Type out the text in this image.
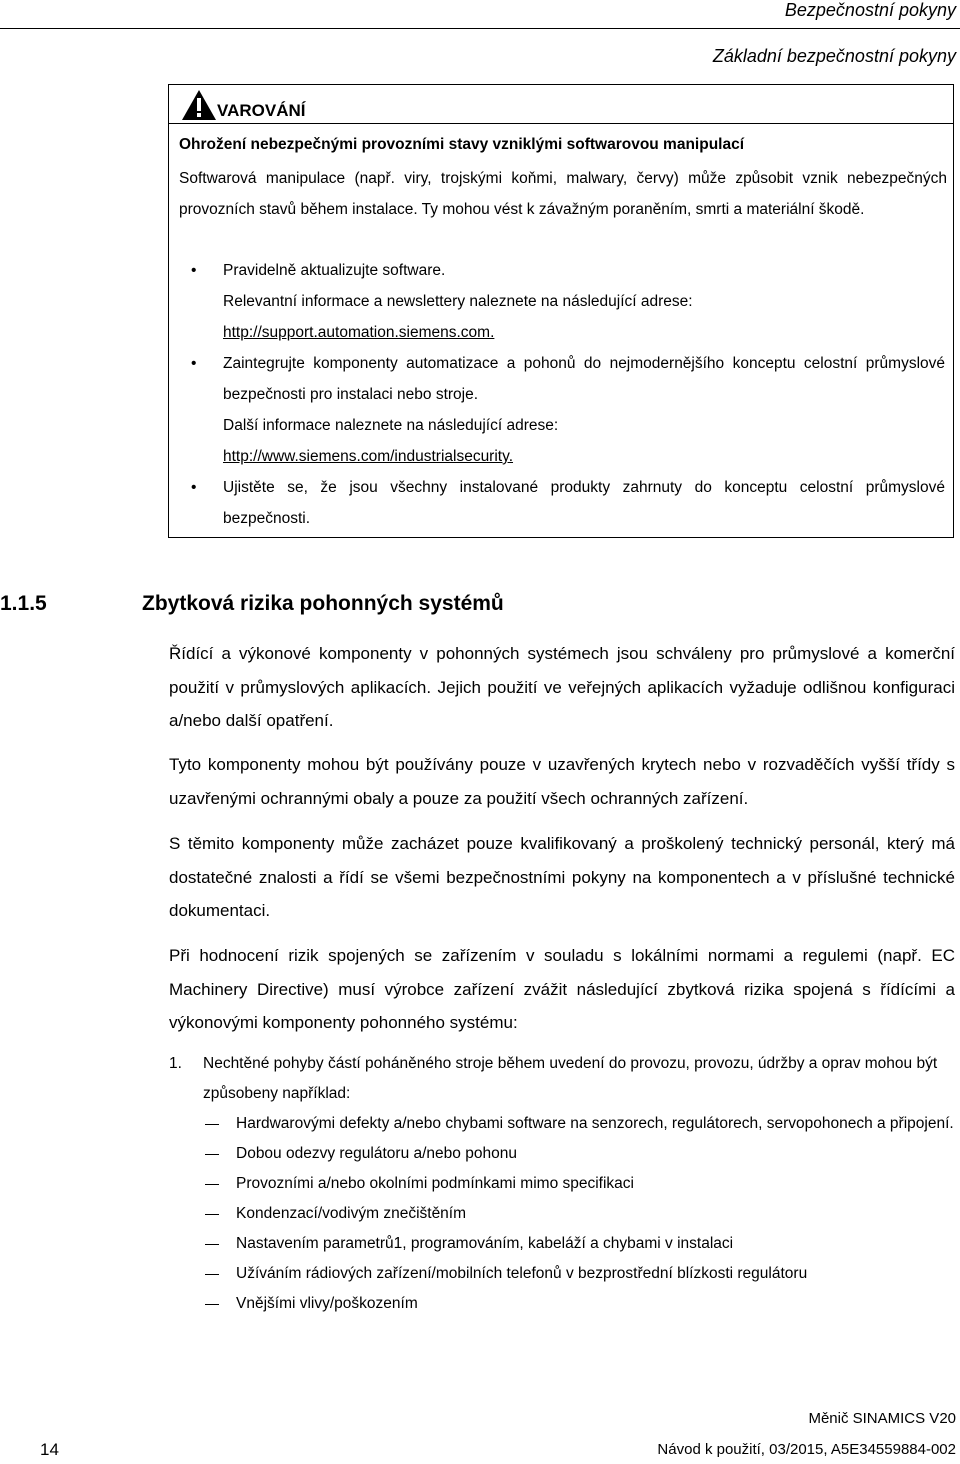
Bezpečnostní pokyny
Základní bezpečnostní pokyny
VAROVÁNÍ
Ohrožení nebezpečnými provozními stavy vzniklými softwarovou manipulací
Softwarová manipulace (např. viry, trojskými koňmi, malwary, červy) může způsobit vznik nebezpečných provozních stavů během instalace. Ty mohou vést k závažným poraněním, smrti a materiální škodě.
• Pravidelně aktualizujte software.
Relevantní informace a newslettery naleznete na následující adrese:
http://support.automation.siemens.com.
• Zaintegrujte komponenty automatizace a pohonů do nejmodernějšího konceptu celostní průmyslové bezpečnosti pro instalaci nebo stroje.
Další informace naleznete na následující adrese:
http://www.siemens.com/industrialsecurity.
• Ujistěte se, že jsou všechny instalované produkty zahrnuty do konceptu celostní průmyslové bezpečnosti.
1.1.5	Zbytková rizika pohonných systémů
Řídící a výkonové komponenty v pohonných systémech jsou schváleny pro průmyslové a komerční použití v průmyslových aplikacích. Jejich použití ve veřejných aplikacích vyžaduje odlišnou konfiguraci a/nebo další opatření.
Tyto komponenty mohou být používány pouze v uzavřených krytech nebo v rozvaděčích vyšší třídy s uzavřenými ochrannými obaly a pouze za použití všech ochranných zařízení.
S těmito komponenty může zacházet pouze kvalifikovaný a proškolený technický personál, který má dostatečné znalosti a řídí se všemi bezpečnostními pokyny na komponentech a v příslušné technické dokumentaci.
Při hodnocení rizik spojených se zařízením v souladu s lokálními normami a regulemi (např. EC Machinery Directive) musí výrobce zařízení zvážit následující zbytková rizika spojená s řídícími a výkonovými komponenty pohonného systému:
1. Nechtěné pohyby částí poháněného stroje během uvedení do provozu, provozu, údržby a oprav mohou být způsobeny například:
Hardwarovými defekty a/nebo chybami software na senzorech, regulátorech, servopohonech a připojení.
Dobou odezvy regulátoru a/nebo pohonu
Provozními a/nebo okolními podmínkami mimo specifikaci
Kondenzací/vodivým znečištěním
Nastavením parametrů1, programováním, kabeláží a chybami v instalaci
Užíváním rádiových zařízení/mobilních telefonů v bezprostřední blízkosti regulátoru
Vnějšími vlivy/poškozením
Měnič SINAMICS V20
14	Návod k použití, 03/2015, A5E34559884-002
